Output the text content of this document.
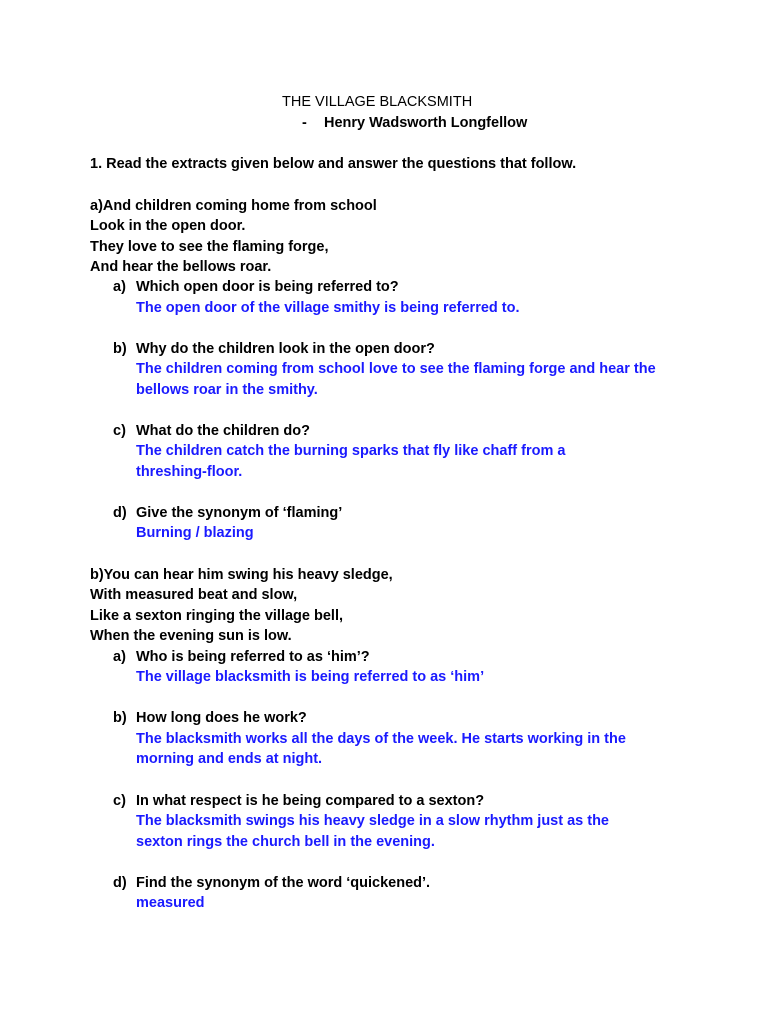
THE VILLAGE BLACKSMITH
- Henry Wadsworth Longfellow
1. Read the extracts given below and answer the questions that follow.
a)And children coming home from school
Look in the open door.
They love to see the flaming forge,
And hear the bellows roar.
a) Which open door is being referred to?
The open door of the village smithy is being referred to.
b) Why do the children look in the open door?
The children coming from school love to see the flaming forge and hear the
bellows roar in the smithy.
c) What do the children do?
The children catch the burning sparks that fly like chaff from a
threshing-floor.
d) Give the synonym of ‘flaming’
Burning / blazing
b)You can hear him swing his heavy sledge,
With measured beat and slow,
Like a sexton ringing the village bell,
When the evening sun is low.
a) Who is being referred to as ‘him’?
The village blacksmith is being referred to as ‘him’
b) How long does he work?
The blacksmith works all the days of the week. He starts working in the
morning and ends at night.
c) In what respect is he being compared to a sexton?
The blacksmith swings his heavy sledge in a slow rhythm just as the
sexton rings the church bell in the evening.
d) Find the synonym of the word ‘quickened’.
measured
